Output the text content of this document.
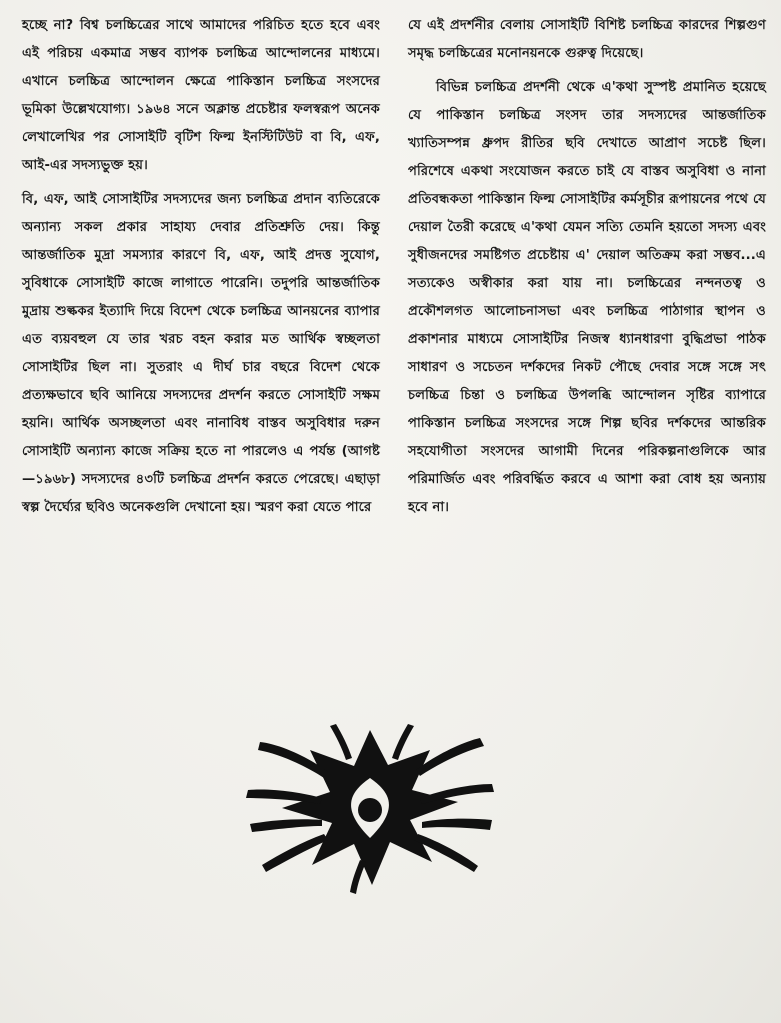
হচ্ছে না? বিশ্ব চলচ্চিত্রের সাথে আমাদের পরিচিত হতে হবে এবং এই পরিচয় একমাত্র সম্ভব ব্যাপক চলচ্চিত্র আন্দোলনের মাধ্যমে। এখানে চলচ্চিত্র আন্দোলন ক্ষেত্রে পাকিস্তান চলচ্চিত্র সংসদের ভূমিকা উল্লেখযোগ্য। ১৯৬৪ সনে অক্লান্ত প্রচেষ্টার ফলস্বরূপ অনেক লেখালেখির পর সোসাইটি বৃটিশ ফিল্ম ইনস্টিটিউট বা বি, এফ, আই-এর সদস্যভুক্ত হয়।

বি, এফ, আই সোসাইটির সদস্যদের জন্য চলচ্চিত্র প্রদান ব্যতিরেকে অন্যান্য সকল প্রকার সাহায্য দেবার প্রতিশ্রুতি দেয়। কিন্তু আন্তর্জাতিক মুদ্রা সমস্যার কারণে বি, এফ, আই প্রদত্ত সুযোগ, সুবিধাকে সোসাইটি কাজে লাগাতে পারেনি। তদুপরি আন্তর্জাতিক মুদ্রায় শুল্ককর ইত্যাদি দিয়ে বিদেশ থেকে চলচ্চিত্র আনয়নের ব্যাপার এত ব্যয়বহুল যে তার খরচ বহন করার মত আর্থিক স্বচ্ছলতা সোসাইটির ছিল না। সুতরাং এ দীর্ঘ চার বছরে বিদেশ থেকে প্রত্যক্ষভাবে ছবি আনিয়ে সদস্যদের প্রদর্শন করতে সোসাইটি সক্ষম হয়নি। আর্থিক অসচ্ছলতা এবং নানাবিধ বাস্তব অসুবিধার দরুন সোসাইটি অন্যান্য কাজে সক্রিয় হতে না পারলেও এ পর্যন্ত (আগষ্ট—১৯৬৮) সদস্যদের ৪৩টি চলচ্চিত্র প্রদর্শন করতে পেরেছে। এছাড়া স্বল্প দৈর্ঘ্যের ছবিও অনেকগুলি দেখানো হয়। স্মরণ করা যেতে পারে

যে এই প্রদর্শনীর বেলায় সোসাইটি বিশিষ্ট চলচ্চিত্র কারদের শিল্পগুণ সমৃদ্ধ চলচ্চিত্রের মনোনয়নকে গুরুত্ব দিয়েছে।

বিভিন্ন চলচ্চিত্র প্রদর্শনী থেকে এ'কথা সুস্পষ্ট প্রমানিত হয়েছে যে পাকিস্তান চলচ্চিত্র সংসদ তার সদস্যদের আন্তর্জাতিক খ্যাতিসম্পন্ন ধ্রুপদ রীতির ছবি দেখাতে আপ্রাণ সচেষ্ট ছিল। পরিশেষে একথা সংযোজন করতে চাই যে বাস্তব অসুবিধা ও নানা প্রতিবন্ধকতা পাকিস্তান ফিল্ম সোসাইটির কর্মসূচীর রূপায়নের পথে যে দেয়াল তৈরী করেছে এ'কথা যেমন সত্যি তেমনি হয়তো সদস্য এবং সুধীজনদের সমষ্টিগত প্রচেষ্টায় এ' দেয়াল অতিক্রম করা সম্ভব...এ সত্যকেও অস্বীকার করা যায় না। চলচ্চিত্রের নন্দনতত্ব ও প্রকৌশলগত আলোচনাসভা এবং চলচ্চিত্র পাঠাগার স্থাপন ও প্রকাশনার মাধ্যমে সোসাইটির নিজস্ব ধ্যানধারণা বুদ্ধিপ্রভা পাঠক সাধারণ ও সচেতন দর্শকদের নিকট পৌছে দেবার সঙ্গে সঙ্গে সৎ চলচ্চিত্র চিন্তা ও চলচ্চিত্র উপলব্ধি আন্দোলন সৃষ্টির ব্যাপারে পাকিস্তান চলচ্চিত্র সংসদের সঙ্গে শিল্প ছবির দর্শকদের আন্তরিক সহযোগীতা সংসদের আগামী দিনের পরিকল্পনাগুলিকে আর পরিমার্জিত এবং পরিবর্দ্ধিত করবে এ আশা করা বোধ হয় অন্যায় হবে না।
